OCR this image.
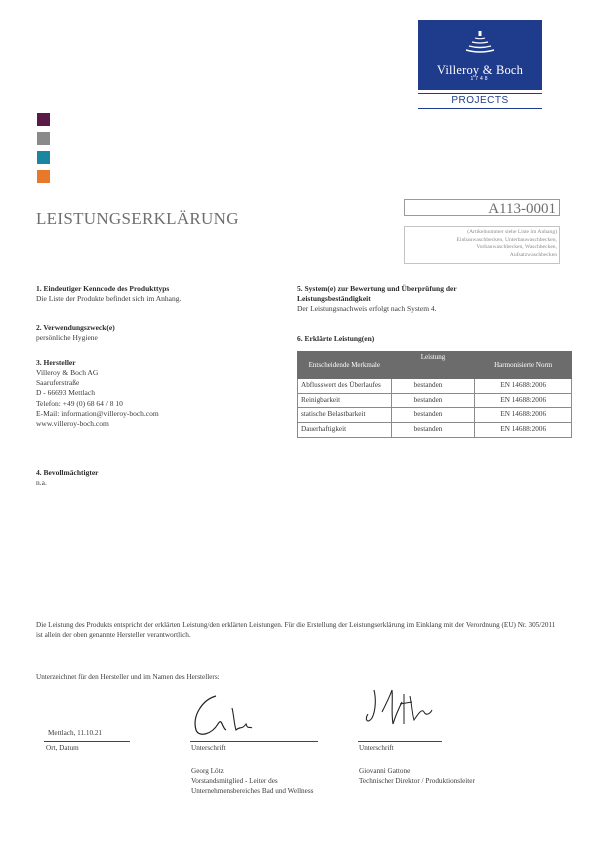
Villeroy & Boch
1748
PROJECTS
LEISTUNGSERKLÄRUNG	A113-0001
(Artikelnummer siehe Liste im Anhang)
Einbauwaschbecken, Unterbauwaschbecken,
Vorbauwaschbecken, Waschbecken,
Aufsatzwaschbecken
1. Eindeutiger Kenncode des Produkttyps
Die Liste der Produkte befindet sich im Anhang.
2. Verwendungszweck(e)
persönliche Hygiene
3. Hersteller
Villeroy & Boch AG
Saaruferstraße
D - 66693 Mettlach
Telefon: +49 (0) 68 64 / 8 10
E-Mail: information@villeroy-boch.com
www.villeroy-boch.com
4. Bevollmächtigter
n.a.
5. System(e) zur Bewertung und Überprüfung der
Leistungsbeständigkeit
Der Leistungsnachweis erfolgt nach System 4.
6. Erklärte Leistung(en)
Entscheidende Merkmale	Leistung	Harmonisierte Norm
Abflusswert des Überlaufes	bestanden	EN 14688:2006
Reinigbarkeit	bestanden	EN 14688:2006
statische Belastbarkeit	bestanden	EN 14688:2006
Dauerhaftigkeit	bestanden	EN 14688:2006
Die Leistung des Produkts entspricht der erklärten Leistung/den erklärten Leistungen. Für die Erstellung der Leistungserklärung im Einklang mit der Verordnung (EU) Nr. 305/2011 ist allein der oben genannte Hersteller verantwortlich.
Unterzeichnet für den Hersteller und im Namen des Herstellers:
Mettlach, 11.10.21
Ort, Datum	Unterschrift
Georg Lötz
Vorstandsmitglied - Leiter des
Unternehmensbereiches Bad und Wellness
Unterschrift
Giovanni Gattone
Technischer Direktor / Produktionsleiter
